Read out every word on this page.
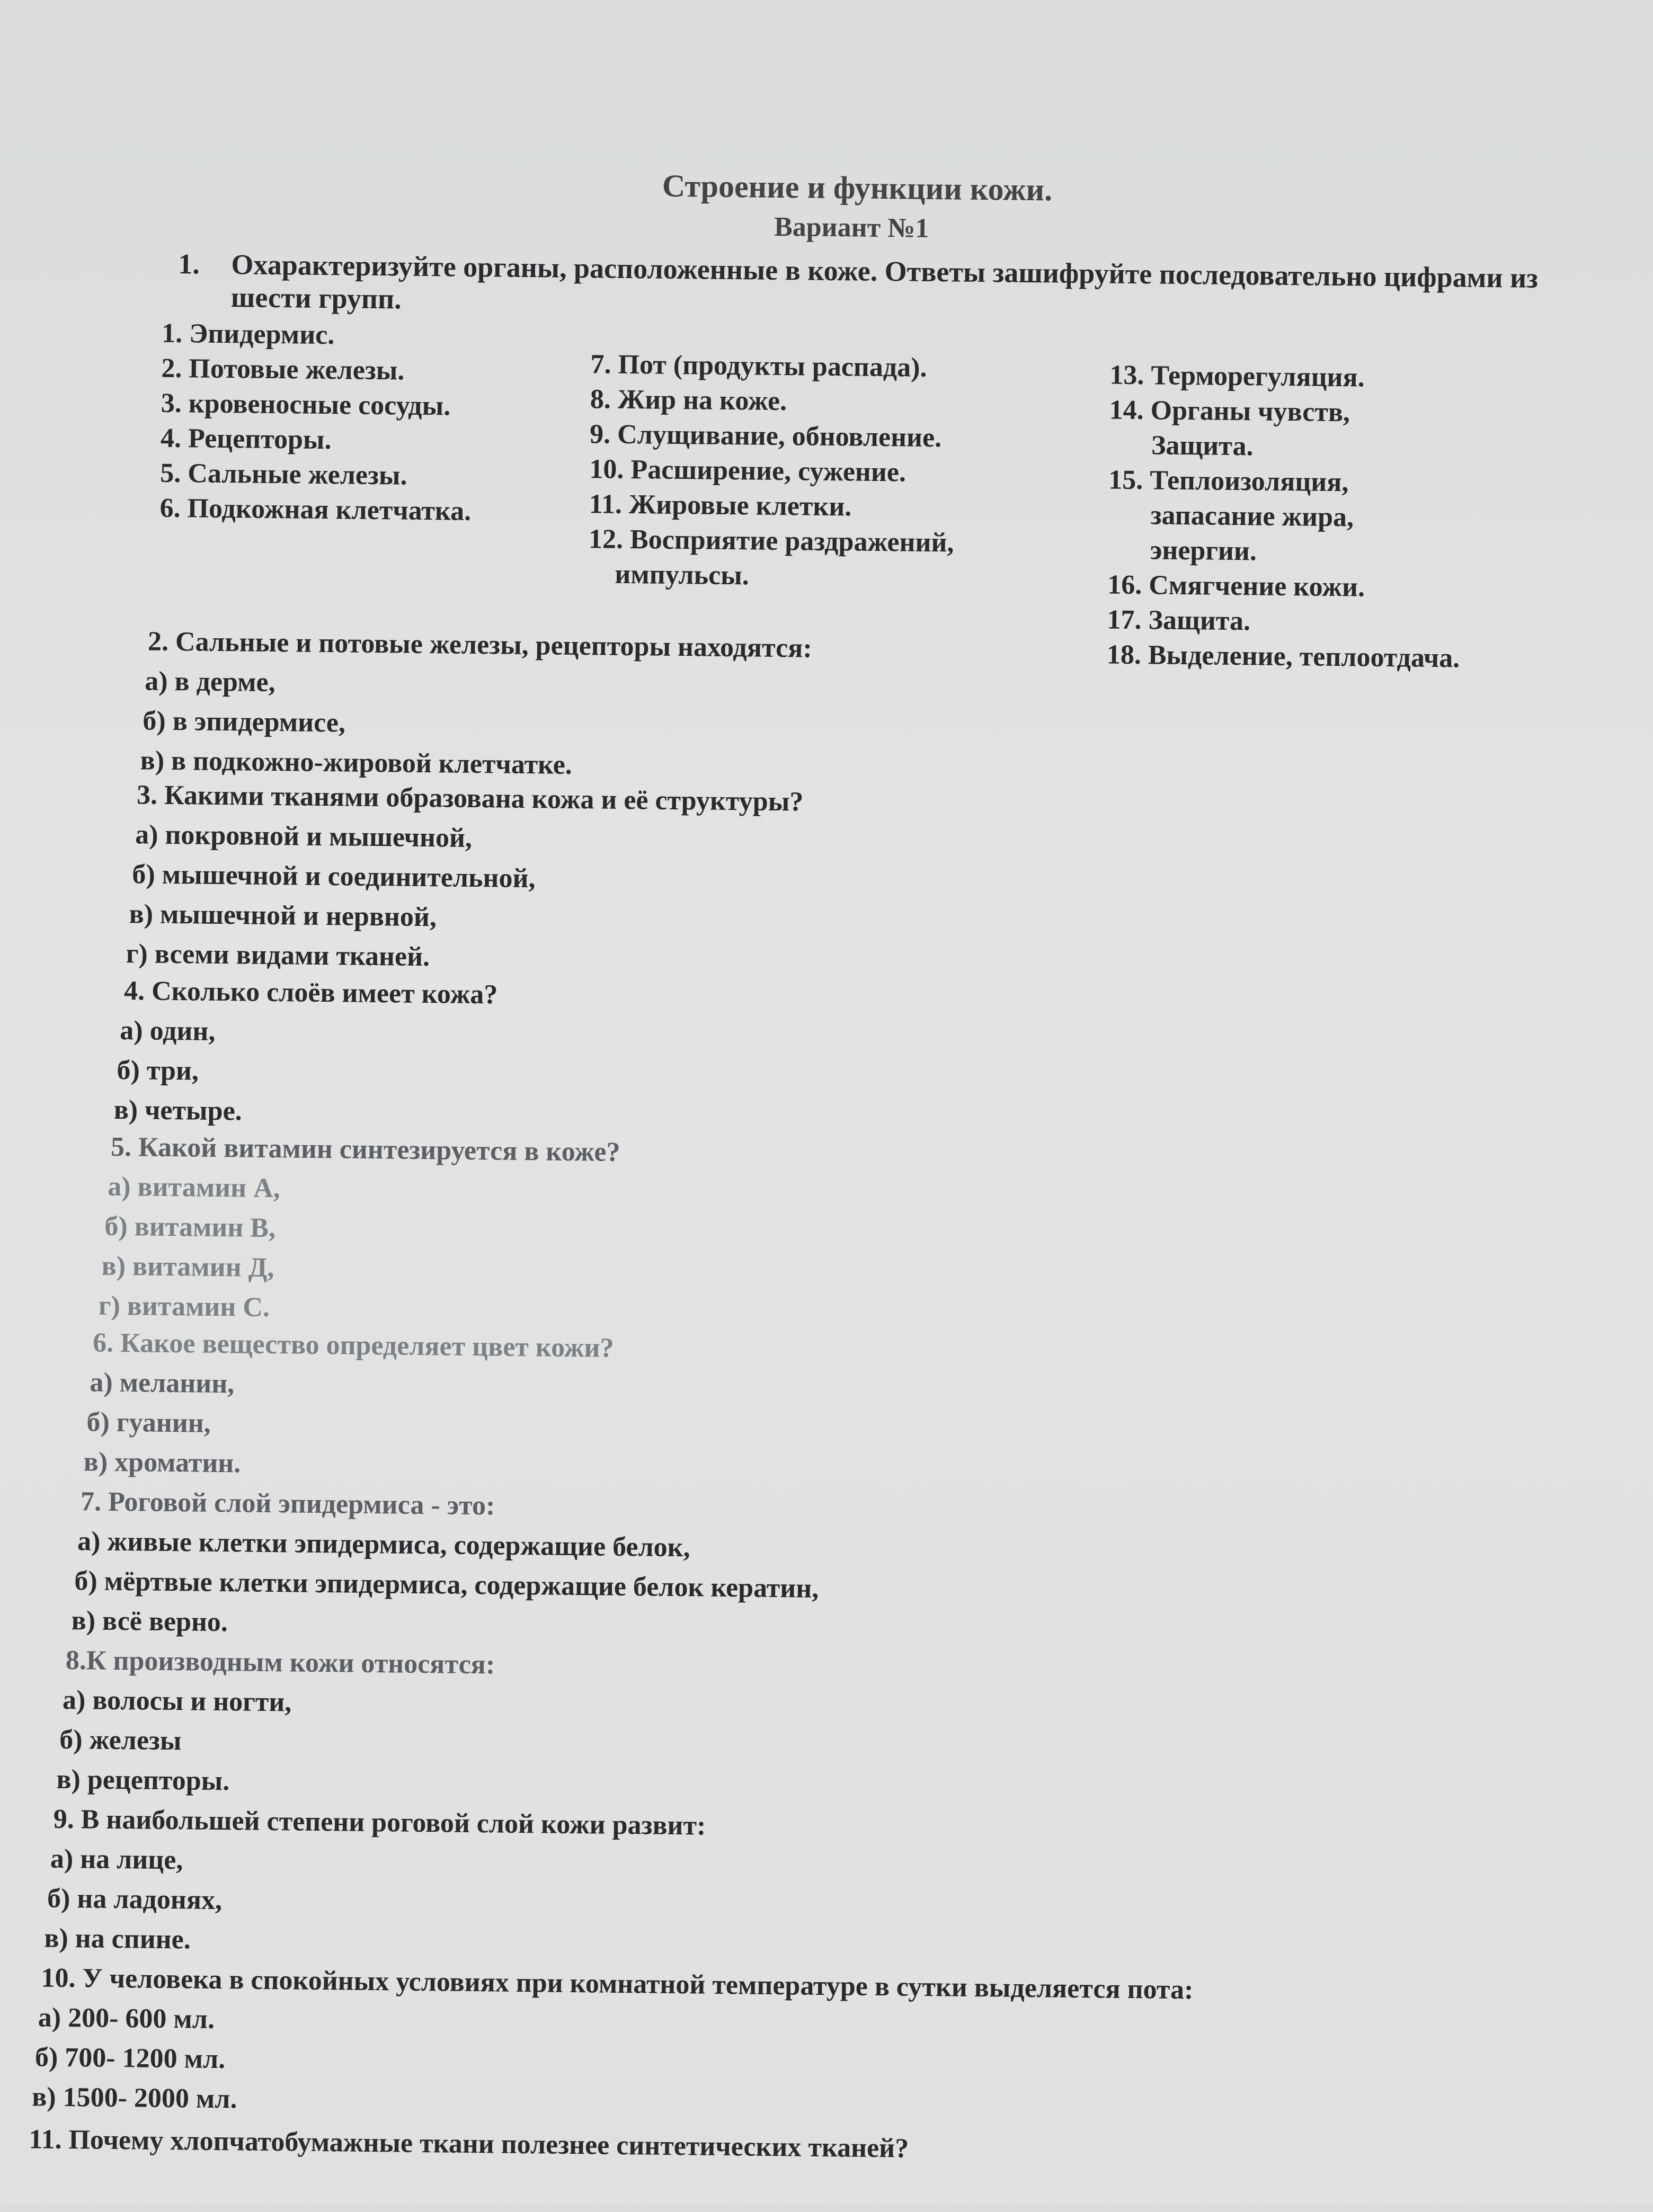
Строение и функции кожи.
Вариант №1
1. Охарактеризуйте органы, расположенные в коже. Ответы зашифруйте последовательно цифрами из шести групп.
1. Эпидермис.
2. Потовые железы.
3. кровеносные сосуды.
4. Рецепторы.
5. Сальные железы.
6. Подкожная клетчатка.
7. Пот (продукты распада).
8. Жир на коже.
9. Слущивание, обновление.
10. Расширение, сужение.
11. Жировые клетки.
12. Восприятие раздражений,
импульсы.
13. Терморегуляция.
14. Органы чувств,
Защита.
15. Теплоизоляция,
запасание жира,
энергии.
16. Смягчение кожи.
17. Защита.
18. Выделение, теплоотдача.
2. Сальные и потовые железы, рецепторы находятся:
а) в дерме,
б) в эпидермисе,
в) в подкожно-жировой клетчатке.
3. Какими тканями образована кожа и её структуры?
а) покровной и мышечной,
б) мышечной и соединительной,
в) мышечной и нервной,
г) всеми видами тканей.
4. Сколько слоёв имеет кожа?
а) один,
б) три,
в) четыре.
5. Какой витамин синтезируется в коже?
а) витамин А,
б) витамин В,
в) витамин Д,
г) витамин С.
6. Какое вещество определяет цвет кожи?
а) меланин,
б) гуанин,
в) хроматин.
7. Роговой слой эпидермиса - это:
а) живые клетки эпидермиса, содержащие белок,
б) мёртвые клетки эпидермиса, содержащие белок кератин,
в) всё верно.
8.К производным кожи относятся:
а) волосы и ногти,
б) железы
в) рецепторы.
9. В наибольшей степени роговой слой кожи развит:
а) на лице,
б) на ладонях,
в) на спине.
10. У человека в спокойных условиях при комнатной температуре в сутки выделяется пота:
а) 200- 600 мл.
б) 700- 1200 мл.
в) 1500- 2000 мл.
11. Почему хлопчатобумажные ткани полезнее синтетических тканей?
